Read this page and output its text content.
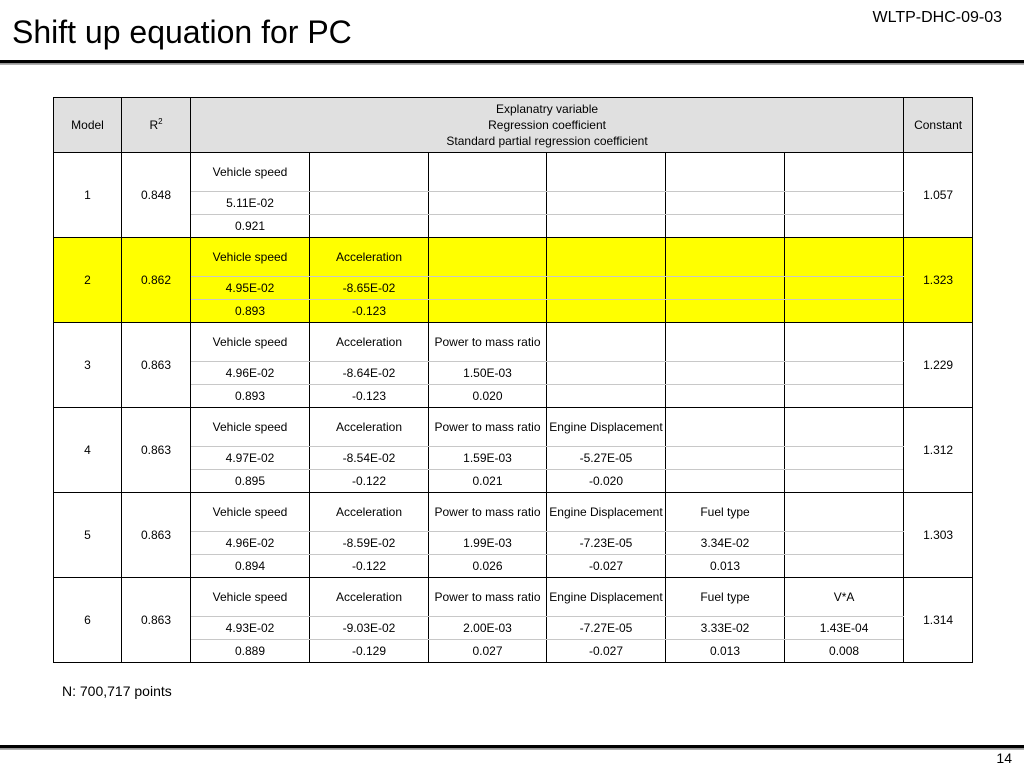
Shift up equation for PC	WLTP-DHC-09-03
Model	$R^2$	Explanatry variable
Regression coefficient
Standard partial regression coefficient						Constant
1	0.848	Vehicle speed						1.057
		5.11E-02						
		0.921						
2	0.862	Vehicle speed	Acceleration					1.323
		4.95E-02	-8.65E-02					
		0.893	-0.123					
3	0.863	Vehicle speed	Acceleration	Power to mass ratio				1.229
		4.96E-02	-8.64E-02	1.50E-03				
		0.893	-0.123	0.020				
4	0.863	Vehicle speed	Acceleration	Power to mass ratio	Engine Displacement			1.312
		4.97E-02	-8.54E-02	1.59E-03	-5.27E-05			
		0.895	-0.122	0.021	-0.020			
5	0.863	Vehicle speed	Acceleration	Power to mass ratio	Engine Displacement	Fuel type		1.303
		4.96E-02	-8.59E-02	1.99E-03	-7.23E-05	3.34E-02		
		0.894	-0.122	0.026	-0.027	0.013		
6	0.863	Vehicle speed	Acceleration	Power to mass ratio	Engine Displacement	Fuel type	V*A	1.314
		4.93E-02	-9.03E-02	2.00E-03	-7.27E-05	3.33E-02	1.43E-04	
		0.889	-0.129	0.027	-0.027	0.013	0.008	
N: 700,717 points
14
